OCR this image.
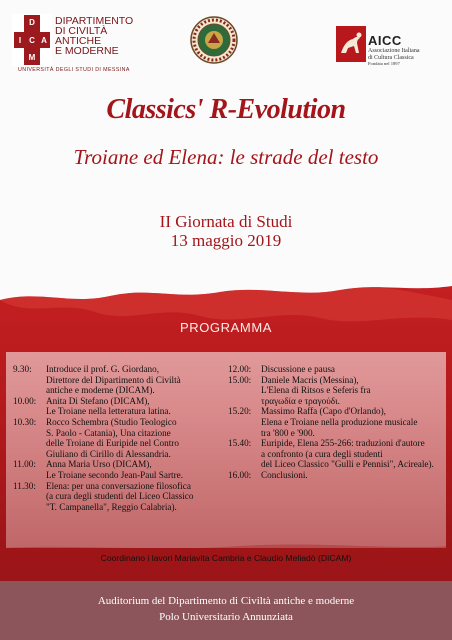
D
I C A
M
DIPARTIMENTO
DI CIVILTÀ
ANTICHE
E MODERNE
UNIVERSITÀ DEGLI STUDI DI MESSINA
AICC
Associazione Italiana
di Cultura Classica
Fondata nel 1897
Classics' R-Evolution
Troiane ed Elena: le strade del testo
II Giornata di Studi
13 maggio 2019
PROGRAMMA
9.30:	Introduce il prof. G. Giordano,
Direttore del Dipartimento di Civiltà
antiche e moderne (DICAM).
10.00:	Anita Di Stefano (DICAM),
Le Troiane nella letteratura latina.
10.30:	Rocco Schembra (Studio Teologico
S. Paolo - Catania), Una citazione
delle Troiane di Euripide nel Contro
Giuliano di Cirillo di Alessandria.
11.00:	Anna Maria Urso (DICAM),
Le Troiane secondo Jean-Paul Sartre.
11.30:	Elena: per una conversazione filosofica
(a cura degli studenti del Liceo Classico
"T. Campanella", Reggio Calabria).
12.00:	Discussione e pausa
15.00:	Daniele Macris (Messina),
L'Elena di Ritsos e Seferis fra
τραγωδία e τραγούδι.
15.20:	Massimo Raffa (Capo d'Orlando),
Elena e Troiane nella produzione musicale
tra '800 e '900.
15.40:	Euripide, Elena 255-266: traduzioni d'autore
a confronto (a cura degli studenti
del Liceo Classico "Gulli e Pennisi", Acireale).
16.00:	Conclusioni.
Coordinano i lavori Mariavita Cambria e Claudio Meliadò (DICAM)
Auditorium del Dipartimento di Civiltà antiche e moderne
Polo Universitario Annunziata
